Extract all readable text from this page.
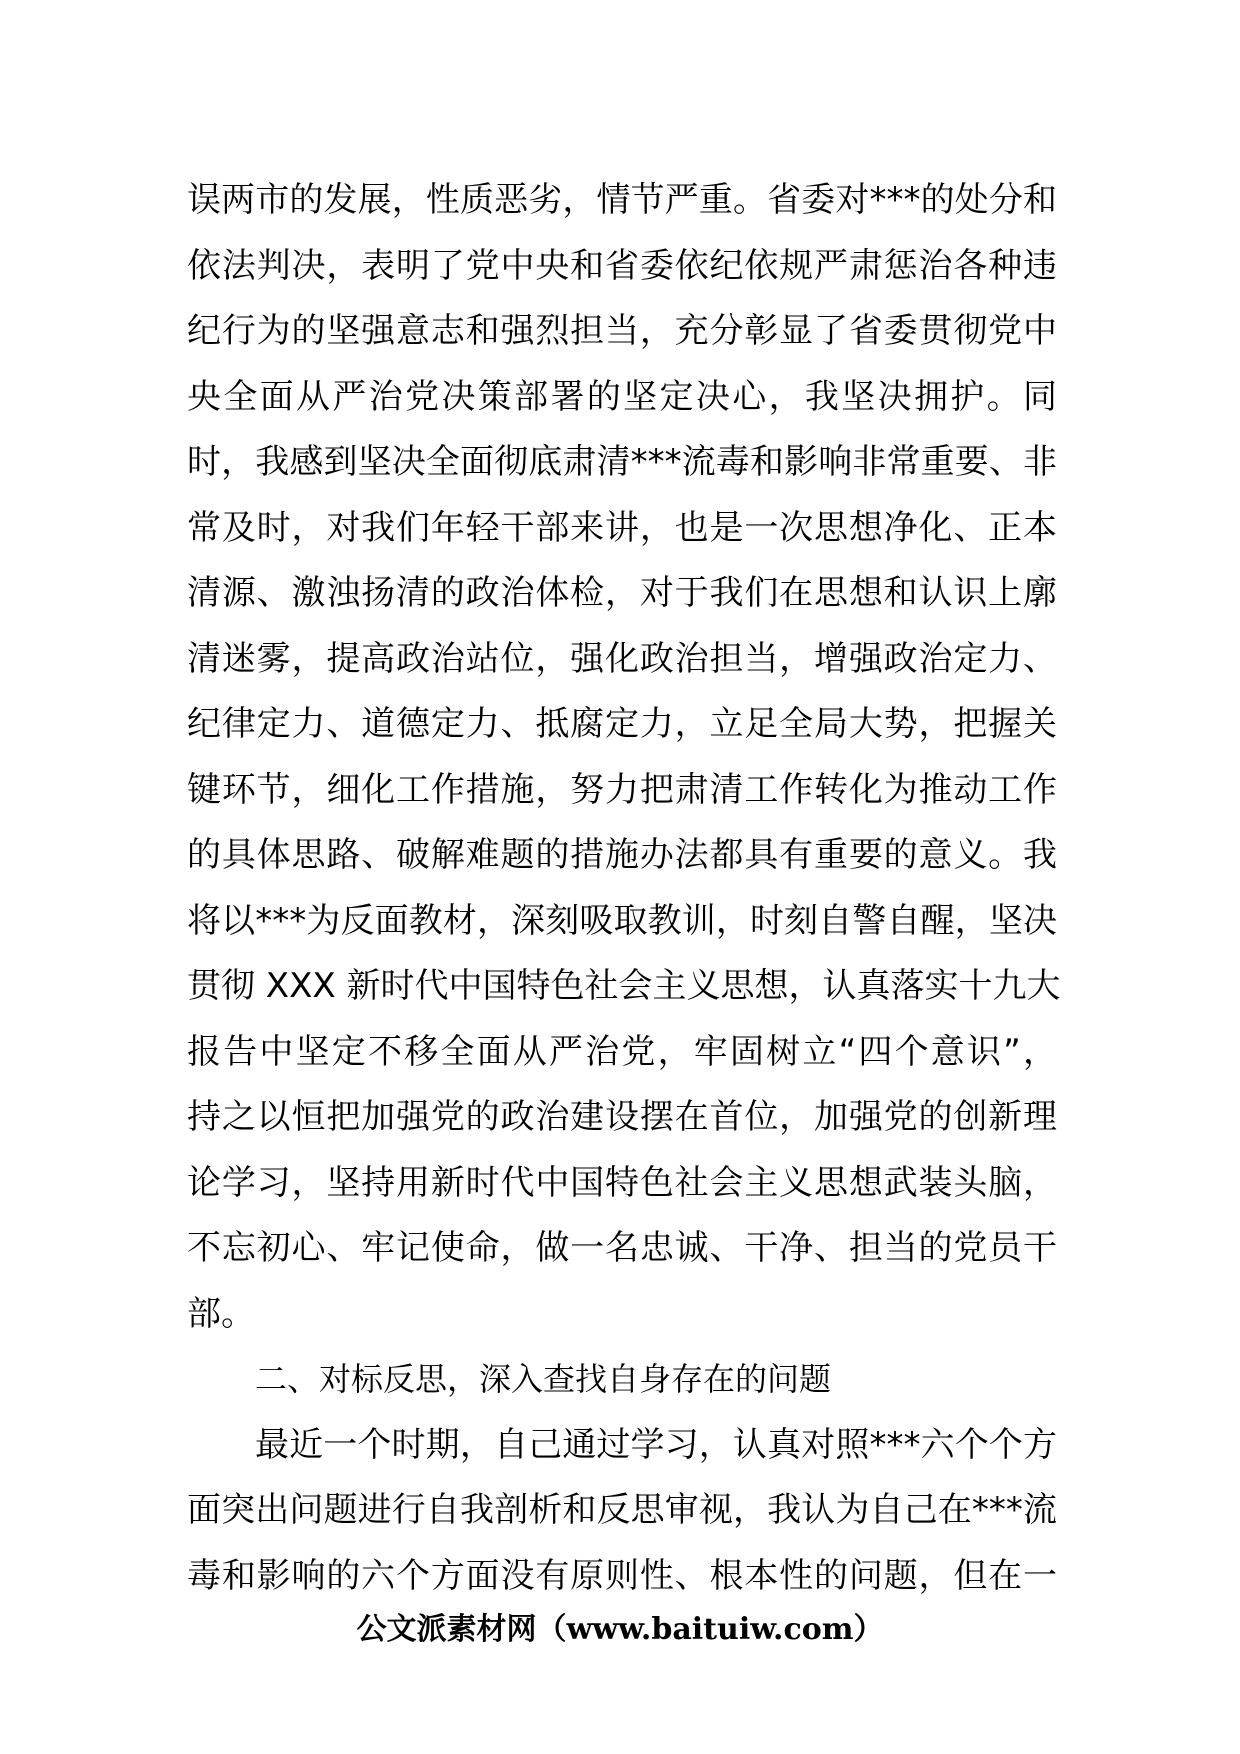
误两市的发展，性质恶劣，情节严重。省委对***的处分和
依法判决，表明了党中央和省委依纪依规严肃惩治各种违
纪行为的坚强意志和强烈担当，充分彰显了省委贯彻党中
央全面从严治党决策部署的坚定决心，我坚决拥护。同
时，我感到坚决全面彻底肃清***流毒和影响非常重要、非
常及时，对我们年轻干部来讲，也是一次思想净化、正本
清源、激浊扬清的政治体检，对于我们在思想和认识上廓
清迷雾，提高政治站位，强化政治担当，增强政治定力、
纪律定力、道德定力、抵腐定力，立足全局大势，把握关
键环节，细化工作措施，努力把肃清工作转化为推动工作
的具体思路、破解难题的措施办法都具有重要的意义。我
将以***为反面教材，深刻吸取教训，时刻自警自醒，坚决
贯彻 XXX 新时代中国特色社会主义思想，认真落实十九大
报告中坚定不移全面从严治党，牢固树立“四个意识”，
持之以恒把加强党的政治建设摆在首位，加强党的创新理
论学习，坚持用新时代中国特色社会主义思想武装头脑，
不忘初心、牢记使命，做一名忠诚、干净、担当的党员干
部。
二、对标反思，深入查找自身存在的问题
最近一个时期，自己通过学习，认真对照***六个个方
面突出问题进行自我剖析和反思审视，我认为自己在***流
毒和影响的六个方面没有原则性、根本性的问题，但在一
公文派素材网（www.baituiw.com）
